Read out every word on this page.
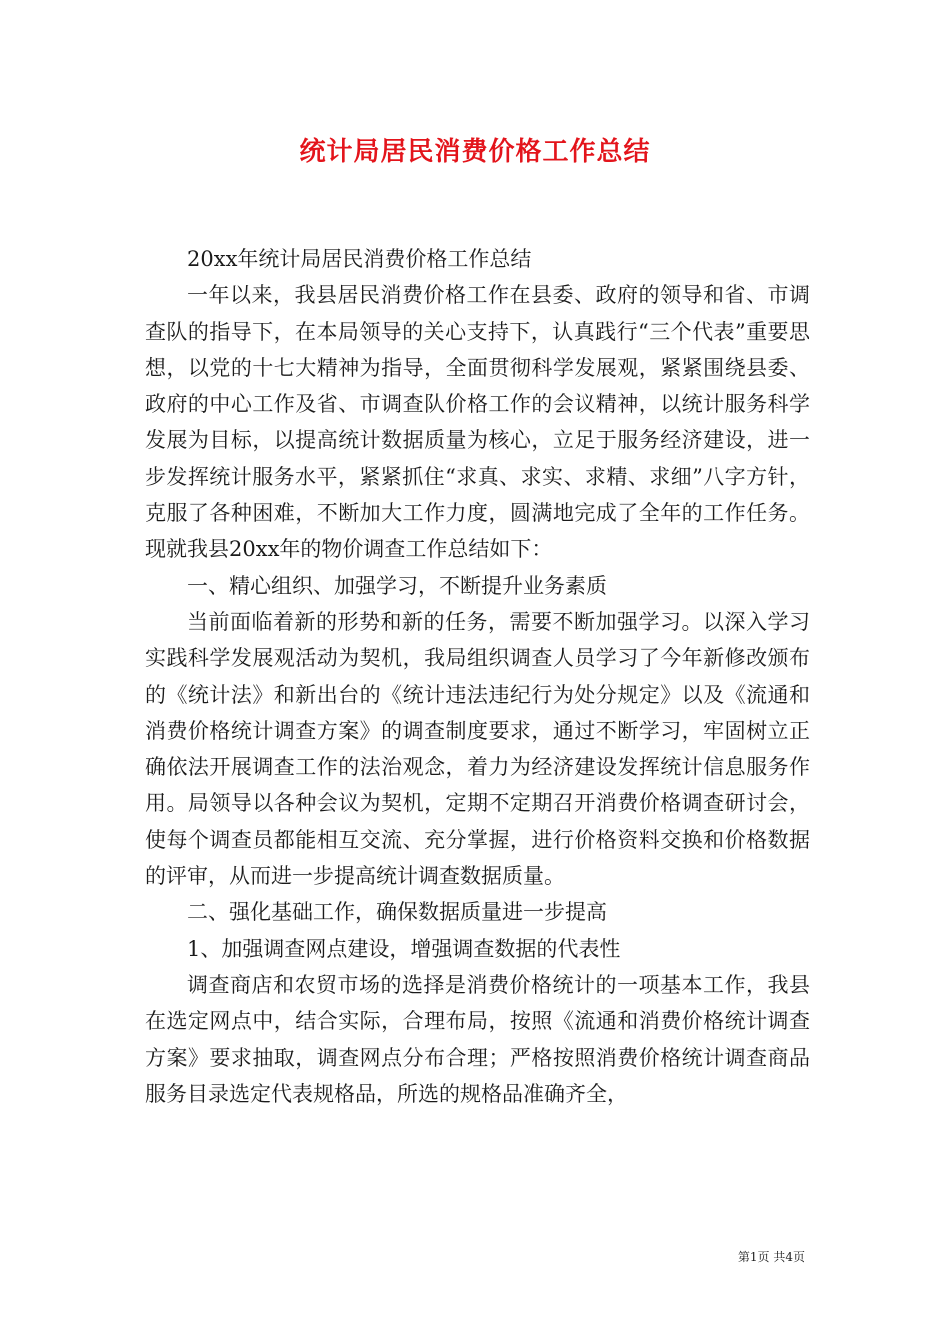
统计局居民消费价格工作总结

20xx年统计局居民消费价格工作总结

一年以来，我县居民消费价格工作在县委、政府的领导和省、市调查队的指导下，在本局领导的关心支持下，认真践行“三个代表”重要思想，以党的十七大精神为指导，全面贯彻科学发展观，紧紧围绕县委、政府的中心工作及省、市调查队价格工作的会议精神，以统计服务科学发展为目标，以提高统计数据质量为核心，立足于服务经济建设，进一步发挥统计服务水平，紧紧抓住“求真、求实、求精、求细”八字方针，克服了各种困难，不断加大工作力度，圆满地完成了全年的工作任务。现就我县20xx年的物价调查工作总结如下：

一、精心组织、加强学习，不断提升业务素质

当前面临着新的形势和新的任务，需要不断加强学习。以深入学习实践科学发展观活动为契机，我局组织调查人员学习了今年新修改颁布的《统计法》和新出台的《统计违法违纪行为处分规定》以及《流通和消费价格统计调查方案》的调查制度要求，通过不断学习，牢固树立正确依法开展调查工作的法治观念，着力为经济建设发挥统计信息服务作用。局领导以各种会议为契机，定期不定期召开消费价格调查研讨会，使每个调查员都能相互交流、充分掌握，进行价格资料交换和价格数据的评审，从而进一步提高统计调查数据质量。

二、强化基础工作，确保数据质量进一步提高

1、加强调查网点建设，增强调查数据的代表性

调查商店和农贸市场的选择是消费价格统计的一项基本工作，我县在选定网点中，结合实际，合理布局，按照《流通和消费价格统计调查方案》要求抽取，调查网点分布合理；严格按照消费价格统计调查商品服务目录选定代表规格品，所选的规格品准确齐全，

第1页 共4页
